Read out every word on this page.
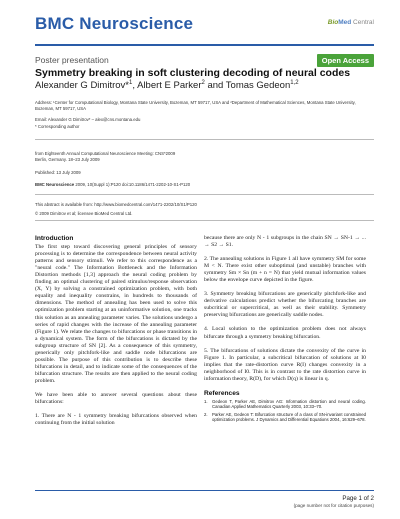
BMC Neuroscience	BioMed Central
Poster presentation	Open Access
Symmetry breaking in soft clustering decoding of neural codes

Alexander G Dimitrov*$^1$, Albert E Parker$^2$ and Tomas Gedeon$^{1,2}$

Address: ¹Center for Computational Biology, Montana State University, Bozeman, MT 59717, USA and ²Department of Mathematical Sciences, Montana State University, Bozeman, MT 59717, USA
Email: Alexander G Dimitrov* – alex@cns.montana.edu
* Corresponding author
from Eighteenth Annual Computational Neuroscience Meeting: CNS*2009
Berlin, Germany. 18–23 July 2009
Published: 13 July 2009
BMC Neuroscience 2009, 10(Suppl 1):P120 doi:10.1186/1471-2202-10-S1-P120
This abstract is available from: http://www.biomedcentral.com/1471-2202/10/S1/P120
© 2009 Dimitrov et al; licensee BioMed Central Ltd.
Introduction

The first step toward discovering general principles of sensory processing is to determine the correspondence between neural activity patterns and sensory stimuli. We refer to this correspondence as a "neural code." The Information Bottleneck and the Information Distortion methods [1,3] approach the neural coding problem by finding an optimal clustering of paired stimulus/response observation (X, Y) by solving a constrained optimization problem, with both equality and inequality constrains, in hundreds to thousands of dimensions. The method of annealing has been used to solve this optimization problem starting at an uninformative solution, one tracks this solution as an annealing parameter varies. The solutions undergo a series of rapid changes with the increase of the annealing parameter (Figure 1). We relate the changes to bifurcations or phase transitions in a dynamical system. The form of the bifurcations is dictated by the subgroup structure of SN [2]. As a consequence of this symmetry, generically only pitchfork-like and saddle node bifurcations are possible. The purpose of this contribution is to describe these bifurcations in detail, and to indicate some of the consequences of the bifurcation structure. The results are then applied to the neural coding problem.

We have been able to answer several questions about these bifurcations:

1. There are N - 1 symmetry breaking bifurcations observed when continuing from the initial solution

because there are only N - 1 subgroups in the chain SN → SN-1 → ... → S2 → S1.

2. The annealing solutions in Figure 1 all have symmetry SM for some M < N. There exist other suboptimal (and unstable) branches with symmetry Sm × Sn (m + n = N) that yield mutual information values below the envelope curve depicted in the figure.

3. Symmetry breaking bifurcations are generically pitchfork-like and derivative calculations predict whether the bifurcating branches are subcritical or supercritical, as well as their stability. Symmetry preserving bifurcations are generically saddle nodes.

4. Local solution to the optimization problem does not always bifurcate through a symmetry breaking bifurcation.

5. The bifurcations of solutions dictate the convexity of the curve in Figure 1. In particular, a subcritical bifurcation of solutions at I0 implies that the rate-distortion curve R(I) changes convexity in a neighborhood of I0. This is in contrast to the rate distortion curve in information theory, R(D), for which D(q) is linear in q.

References
1.	Gedeon T, Parker AE, Dimitrov AG: Information distortion and neural coding. Canadian Applied Mathematics Quarterly 2003, 10:33–70.
2.	Parker AE, Gedeon T: Bifurcation structure of a class of SN-invariant constrained optimization problems. J Dynamics and Differential Equations 2004, 16:629–678.
Page 1 of 2
(page number not for citation purposes)
